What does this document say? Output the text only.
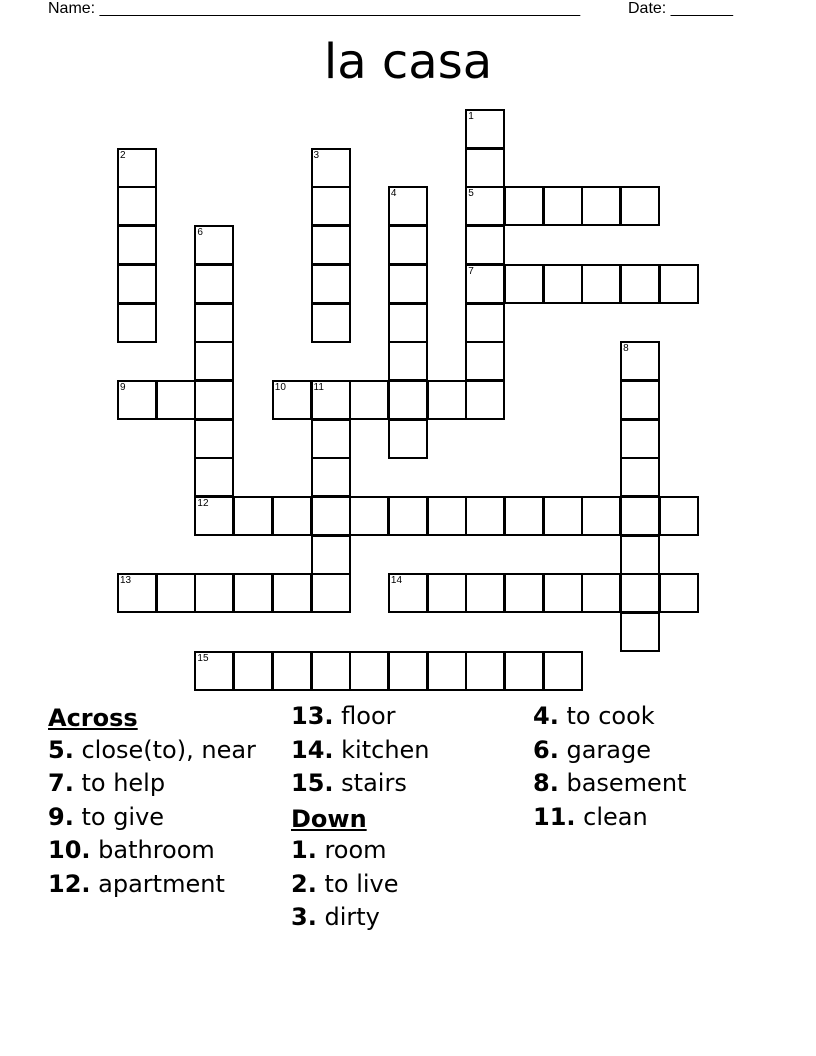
Name: ______________________________________________________	Date: _______
la casa
1
5
7
2	3
4
6
12
8
9	10	11
13	14
15
Across
5. close(to), near
7. to help
9. to give
10. bathroom
12. apartment
13. floor
14. kitchen
15. stairs
Down
1. room
2. to live
3. dirty
4. to cook
6. garage
8. basement
11. clean
